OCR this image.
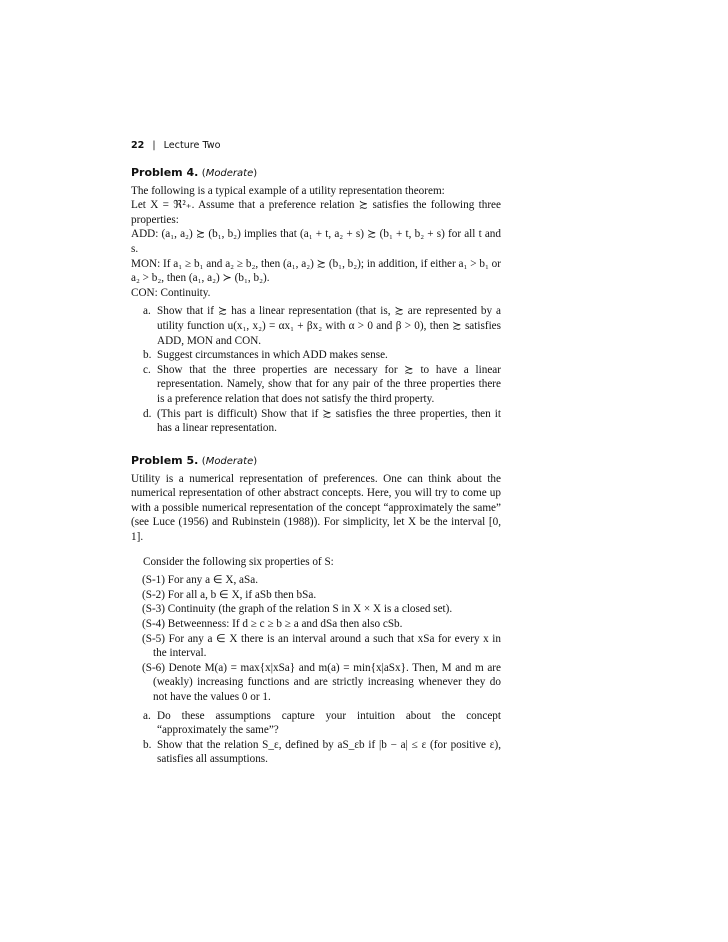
22 | Lecture Two
Problem 4. (Moderate)

The following is a typical example of a utility representation theorem:

Let X = ℜ²₊. Assume that a preference relation ≿ satisfies the following three properties:

ADD: (a₁, a₂) ≿ (b₁, b₂) implies that (a₁ + t, a₂ + s) ≿ (b₁ + t, b₂ + s) for all t and s.

MON: If a₁ ≥ b₁ and a₂ ≥ b₂, then (a₁, a₂) ≿ (b₁, b₂); in addition, if either a₁ > b₁ or a₂ > b₂, then (a₁, a₂) ≻ (b₁, b₂).

CON: Continuity.

a. Show that if ≿ has a linear representation (that is, ≿ are represented by a utility function u(x₁, x₂) = αx₁ + βx₂ with α > 0 and β > 0), then ≿ satisfies ADD, MON and CON.
b. Suggest circumstances in which ADD makes sense.
c. Show that the three properties are necessary for ≿ to have a linear representation. Namely, show that for any pair of the three properties there is a preference relation that does not satisfy the third property.
d. (This part is difficult) Show that if ≿ satisfies the three properties, then it has a linear representation.
Problem 5. (Moderate)

Utility is a numerical representation of preferences. One can think about the numerical representation of other abstract concepts. Here, you will try to come up with a possible numerical representation of the concept “approximately the same” (see Luce (1956) and Rubinstein (1988)). For simplicity, let X be the interval [0, 1].

Consider the following six properties of S:

(S-1) For any a ∈ X, aSa.
(S-2) For all a, b ∈ X, if aSb then bSa.
(S-3) Continuity (the graph of the relation S in X × X is a closed set).
(S-4) Betweenness: If d ≥ c ≥ b ≥ a and dSa then also cSb.
(S-5) For any a ∈ X there is an interval around a such that xSa for every x in the interval.
(S-6) Denote M(a) = max{x|xSa} and m(a) = min{x|aSx}. Then, M and m are (weakly) increasing functions and are strictly increasing whenever they do not have the values 0 or 1.
a. Do these assumptions capture your intuition about the concept “approximately the same”?
b. Show that the relation S_ε, defined by aS_εb if |b − a| ≤ ε (for positive ε), satisfies all assumptions.
